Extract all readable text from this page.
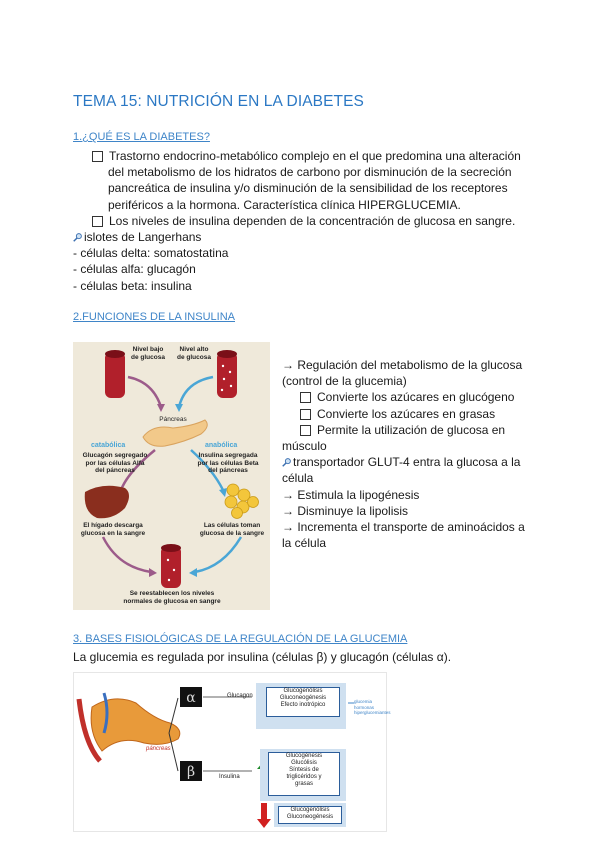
TEMA 15: NUTRICIÓN EN LA DIABETES
1.¿QUÉ ES LA DIABETES?
Trastorno endocrino-metabólico complejo en el que predomina una alteración
del metabolismo de los hidratos de carbono por disminución de la secreción
pancreática de insulina y/o disminución de la sensibilidad de los receptores
periféricos a la hormona. Característica clínica HIPERGLUCEMIA.
Los niveles de insulina dependen de la concentración de glucosa en sangre.
islotes de Langerhans
- células delta: somatostatina
- células alfa: glucagón
- células beta: insulina
2.FUNCIONES DE LA INSULINA
Nivel bajo
de glucosa
Nivel alto
de glucosa
Páncreas
catabólica	anabólica
Glucagón segregado
por las células Alfa
del páncreas
Insulina segregada
por las células Beta
del páncreas
El hígado descarga
glucosa en la sangre
Las células toman
glucosa de la sangre
Se reestablecen los niveles
normales de glucosa en sangre
→ Regulación del metabolismo de la glucosa
(control de la glucemia)
Convierte los azúcares en glucógeno
Convierte los azúcares en grasas
Permite la utilización de glucosa en
músculo
transportador GLUT-4 entra la glucosa a la
célula
→ Estimula la lipogénesis
→ Disminuye la lipolisis
→ Incrementa el transporte de aminoácidos a
la célula
3. BASES FISIOLÓGICAS DE LA REGULACIÓN DE LA GLUCEMIA
La glucemia es regulada por insulina (células β) y glucagón (células α).
α
β
Glucogenólisis
Gluconeogénesis
Efecto inotrópico
Glucogénesis
Glucólisis
Síntesis de
triglicéridos y
grasas
Glucogenólisis
Gluconeogénesis
páncreas
Glucagon
Insulina
glucemia
hormonas hiperglucemiantes
